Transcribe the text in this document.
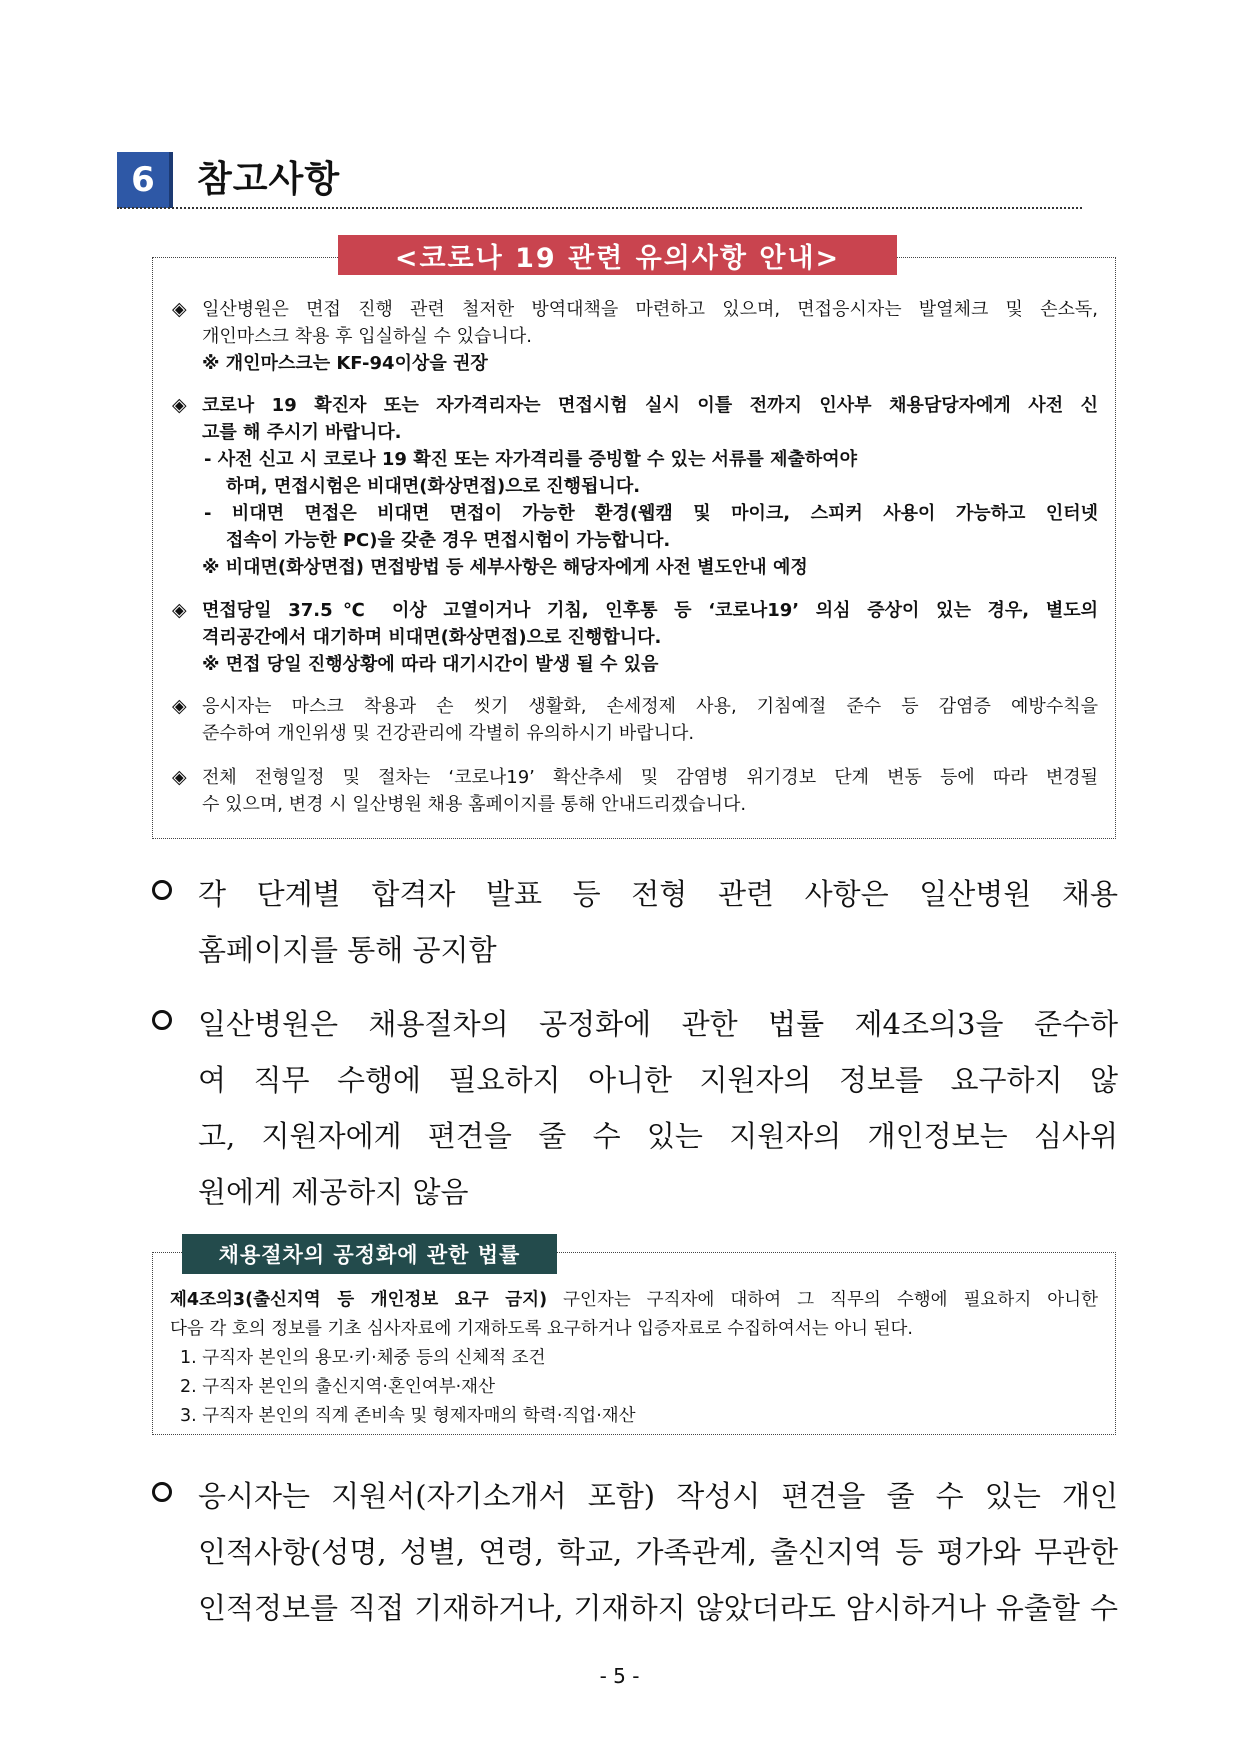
6	참고사항
<코로나 19 관련 유의사항 안내>
◈ 일산병원은 면접 진행 관련 철저한 방역대책을 마련하고 있으며, 면접응시자는 발열체크 및 손소독,
개인마스크 착용 후 입실하실 수 있습니다.
※ 개인마스크는 KF-94이상을 권장
◈ 코로나 19 확진자 또는 자가격리자는 면접시험 실시 이틀 전까지 인사부 채용담당자에게 사전 신
고를 해 주시기 바랍니다.
- 사전 신고 시 코로나 19 확진 또는 자가격리를 증빙할 수 있는 서류를 제출하여야
하며, 면접시험은 비대면(화상면접)으로 진행됩니다.
- 비대면 면접은 비대면 면접이 가능한 환경(웹캠 및 마이크, 스피커 사용이 가능하고 인터넷
접속이 가능한 PC)을 갖춘 경우 면접시험이 가능합니다.
※ 비대면(화상면접) 면접방법 등 세부사항은 해당자에게 사전 별도안내 예정
◈ 면접당일 37.5℃ 이상 고열이거나 기침, 인후통 등 ‘코로나19’ 의심 증상이 있는 경우, 별도의
격리공간에서 대기하며 비대면(화상면접)으로 진행합니다.
※ 면접 당일 진행상황에 따라 대기시간이 발생 될 수 있음
◈ 응시자는 마스크 착용과 손 씻기 생활화, 손세정제 사용, 기침예절 준수 등 감염증 예방수칙을
준수하여 개인위생 및 건강관리에 각별히 유의하시기 바랍니다.
◈ 전체 전형일정 및 절차는 ‘코로나19’ 확산추세 및 감염병 위기경보 단계 변동 등에 따라 변경될
수 있으며, 변경 시 일산병원 채용 홈페이지를 통해 안내드리겠습니다.
각 단계별 합격자 발표 등 전형 관련 사항은 일산병원 채용
홈페이지를 통해 공지함
일산병원은 채용절차의 공정화에 관한 법률 제4조의3을 준수하
여 직무 수행에 필요하지 아니한 지원자의 정보를 요구하지 않
고, 지원자에게 편견을 줄 수 있는 지원자의 개인정보는 심사위
원에게 제공하지 않음
채용절차의 공정화에 관한 법률
제4조의3(출신지역 등 개인정보 요구 금지) 구인자는 구직자에 대하여 그 직무의 수행에 필요하지 아니한
다음 각 호의 정보를 기초 심사자료에 기재하도록 요구하거나 입증자료로 수집하여서는 아니 된다.
1. 구직자 본인의 용모·키·체중 등의 신체적 조건
2. 구직자 본인의 출신지역·혼인여부·재산
3. 구직자 본인의 직계 존비속 및 형제자매의 학력·직업·재산
응시자는 지원서(자기소개서 포함) 작성시 편견을 줄 수 있는 개인
인적사항(성명, 성별, 연령, 학교, 가족관계, 출신지역 등 평가와 무관한
인적정보를 직접 기재하거나, 기재하지 않았더라도 암시하거나 유출할 수
- 5 -
